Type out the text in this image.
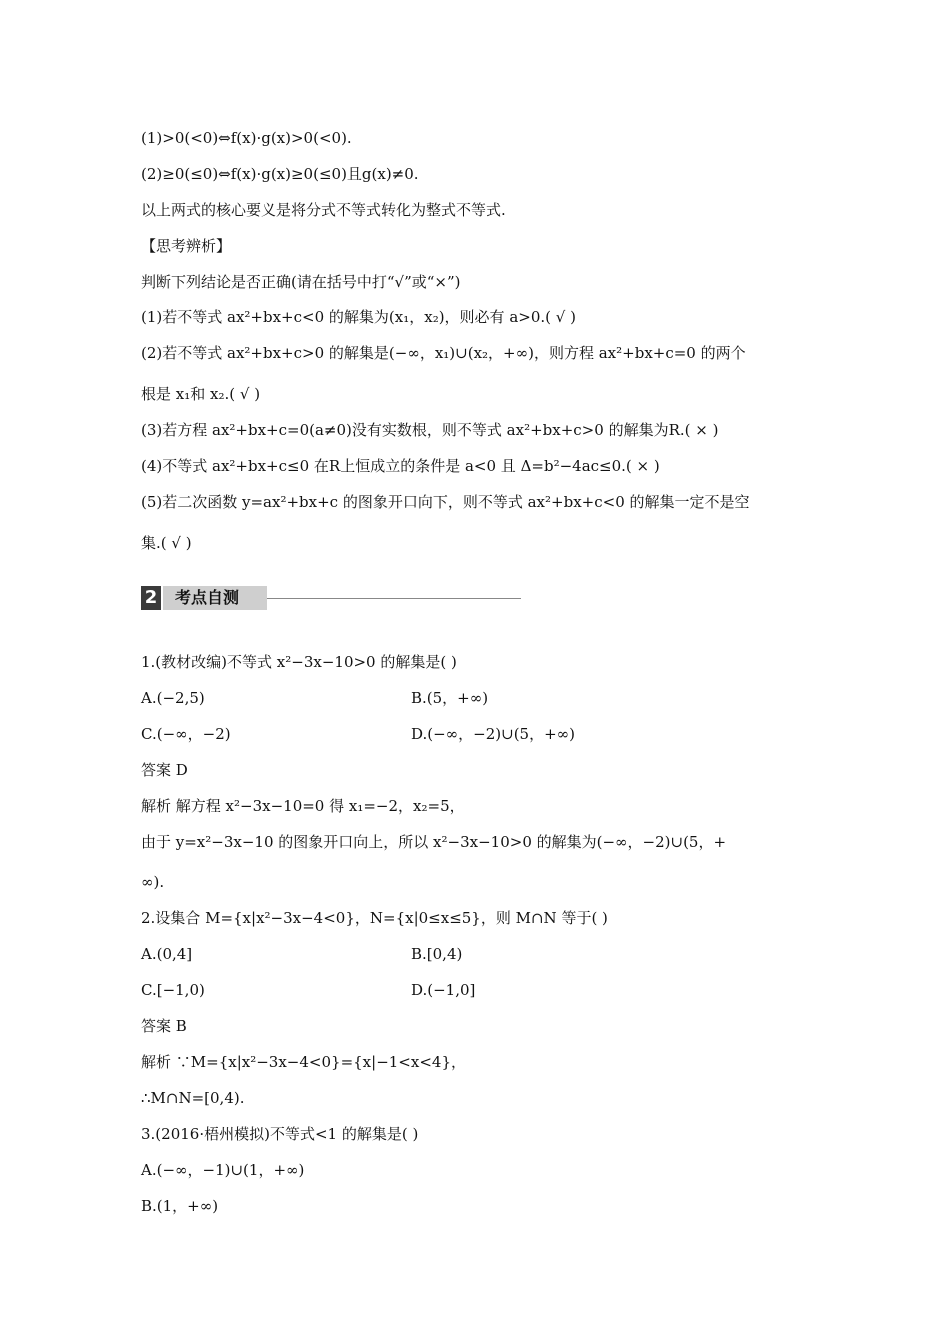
(1)>0(<0)⇔f(x)·g(x)>0(<0).
(2)≥0(≤0)⇔f(x)·g(x)≥0(≤0)且g(x)≠0.
以上两式的核心要义是将分式不等式转化为整式不等式.
【思考辨析】
判断下列结论是否正确(请在括号中打“√”或“×”)
(1)若不等式 ax²+bx+c<0 的解集为(x₁，x₂)，则必有 a>0.( √ )
(2)若不等式 ax²+bx+c>0 的解集是(−∞，x₁)∪(x₂，+∞)，则方程 ax²+bx+c=0 的两个
根是 x₁和 x₂.( √ )
(3)若方程 ax²+bx+c=0(a≠0)没有实数根，则不等式 ax²+bx+c>0 的解集为R.( × )
(4)不等式 ax²+bx+c≤0 在R上恒成立的条件是 a<0 且 Δ=b²−4ac≤0.( × )
(5)若二次函数 y=ax²+bx+c 的图象开口向下，则不等式 ax²+bx+c<0 的解集一定不是空
集.( √ )
2	考点自测
1.(教材改编)不等式 x²−3x−10>0 的解集是( )
A.(−2,5)	B.(5，+∞)
C.(−∞，−2)	D.(−∞，−2)∪(5，+∞)
答案 D
解析 解方程 x²−3x−10=0 得 x₁=−2，x₂=5，
由于 y=x²−3x−10 的图象开口向上，所以 x²−3x−10>0 的解集为(−∞，−2)∪(5，+
∞).
2.设集合 M={x|x²−3x−4<0}，N={x|0≤x≤5}，则 M∩N 等于( )
A.(0,4]	B.[0,4)
C.[−1,0)	D.(−1,0]
答案 B
解析 ∵M={x|x²−3x−4<0}={x|−1<x<4}，
∴M∩N=[0,4).
3.(2016·梧州模拟)不等式<1 的解集是( )
A.(−∞，−1)∪(1，+∞)
B.(1，+∞)
